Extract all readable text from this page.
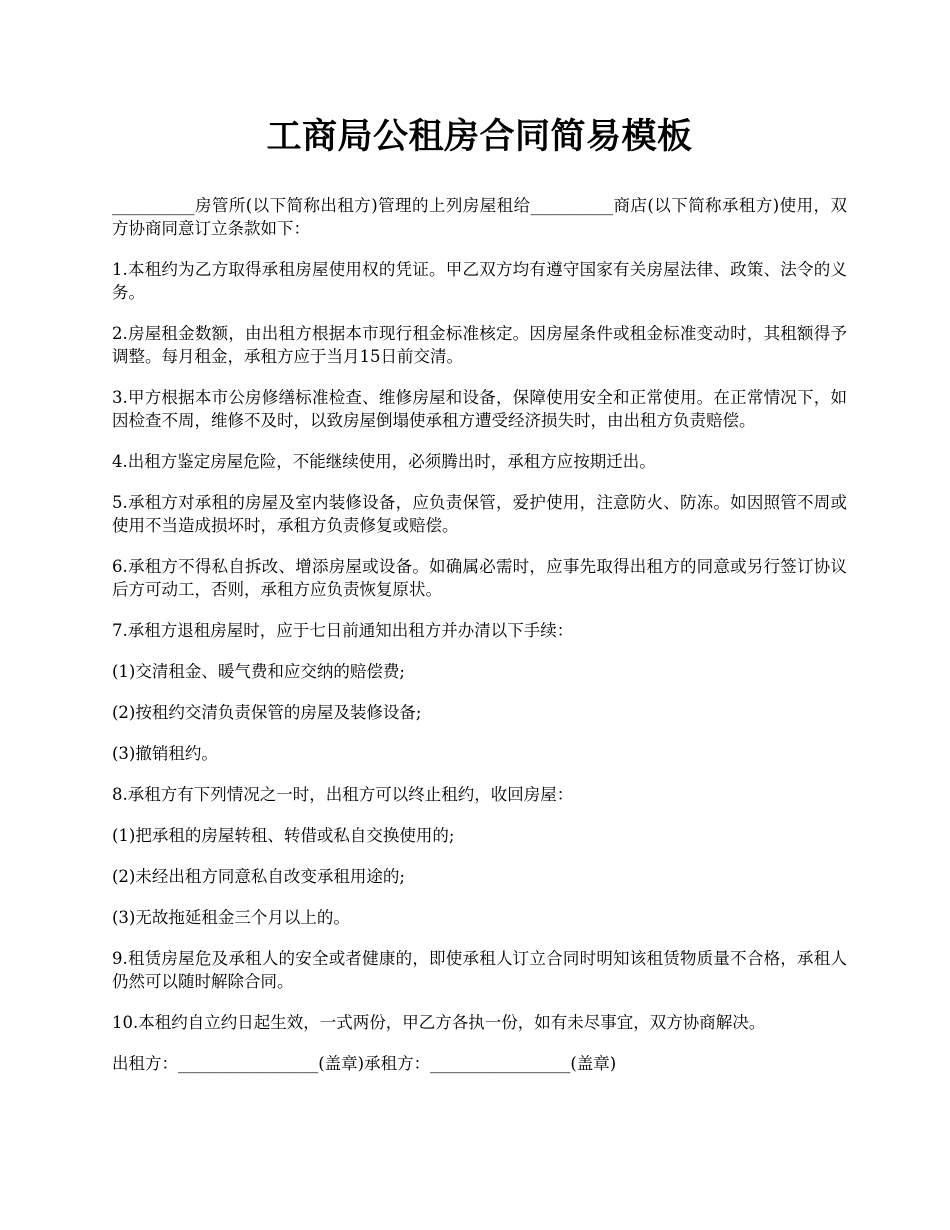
工商局公租房合同简易模板

__________房管所(以下简称出租方)管理的上列房屋租给__________商店(以下简称承租方)使用，双方协商同意订立条款如下：

1.本租约为乙方取得承租房屋使用权的凭证。甲乙双方均有遵守国家有关房屋法律、政策、法令的义务。

2.房屋租金数额，由出租方根据本市现行租金标准核定。因房屋条件或租金标准变动时，其租额得予调整。每月租金，承租方应于当月15日前交清。

3.甲方根据本市公房修缮标准检查、维修房屋和设备，保障使用安全和正常使用。在正常情况下，如因检查不周，维修不及时，以致房屋倒塌使承租方遭受经济损失时，由出租方负责赔偿。

4.出租方鉴定房屋危险，不能继续使用，必须腾出时，承租方应按期迁出。

5.承租方对承租的房屋及室内装修设备，应负责保管，爱护使用，注意防火、防冻。如因照管不周或使用不当造成损坏时，承租方负责修复或赔偿。

6.承租方不得私自拆改、增添房屋或设备。如确属必需时，应事先取得出租方的同意或另行签订协议后方可动工，否则，承租方应负责恢复原状。

7.承租方退租房屋时，应于七日前通知出租方并办清以下手续：

(1)交清租金、暖气费和应交纳的赔偿费;

(2)按租约交清负责保管的房屋及装修设备;

(3)撤销租约。

8.承租方有下列情况之一时，出租方可以终止租约，收回房屋：

(1)把承租的房屋转租、转借或私自交换使用的;

(2)未经出租方同意私自改变承租用途的;

(3)无故拖延租金三个月以上的。

9.租赁房屋危及承租人的安全或者健康的，即使承租人订立合同时明知该租赁物质量不合格，承租人仍然可以随时解除合同。

10.本租约自立约日起生效，一式两份，甲乙方各执一份，如有未尽事宜，双方协商解决。

出租方：_________________(盖章)承租方：_________________(盖章)
